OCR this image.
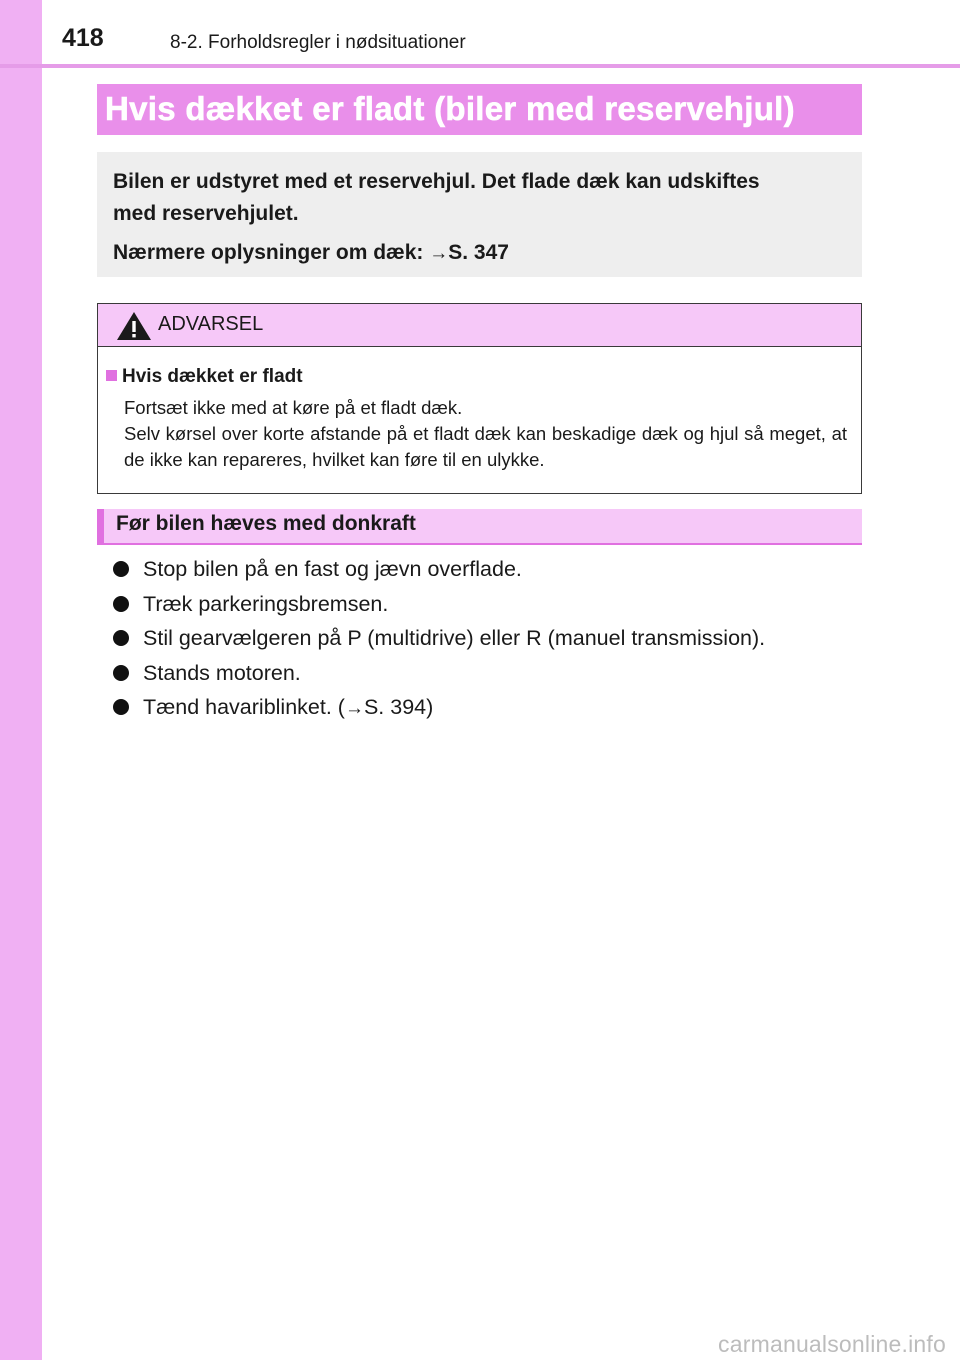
418	8-2. Forholdsregler i nødsituationer
Hvis dækket er fladt (biler med reservehjul)

Bilen er udstyret med et reservehjul. Det flade dæk kan udskiftes
med reservehjulet.

Nærmere oplysninger om dæk: →S. 347

ADVARSEL
Hvis dækket er fladt
Fortsæt ikke med at køre på et fladt dæk.
Selv kørsel over korte afstande på et fladt dæk kan beskadige dæk og hjul så meget, at de ikke kan repareres, hvilket kan føre til en ulykke.
Før bilen hæves med donkraft
Stop bilen på en fast og jævn overflade.
Træk parkeringsbremsen.
Stil gearvælgeren på P (multidrive) eller R (manuel transmission).
Stands motoren.
Tænd havariblinket. (→S. 394)
carmanualsonline.info
